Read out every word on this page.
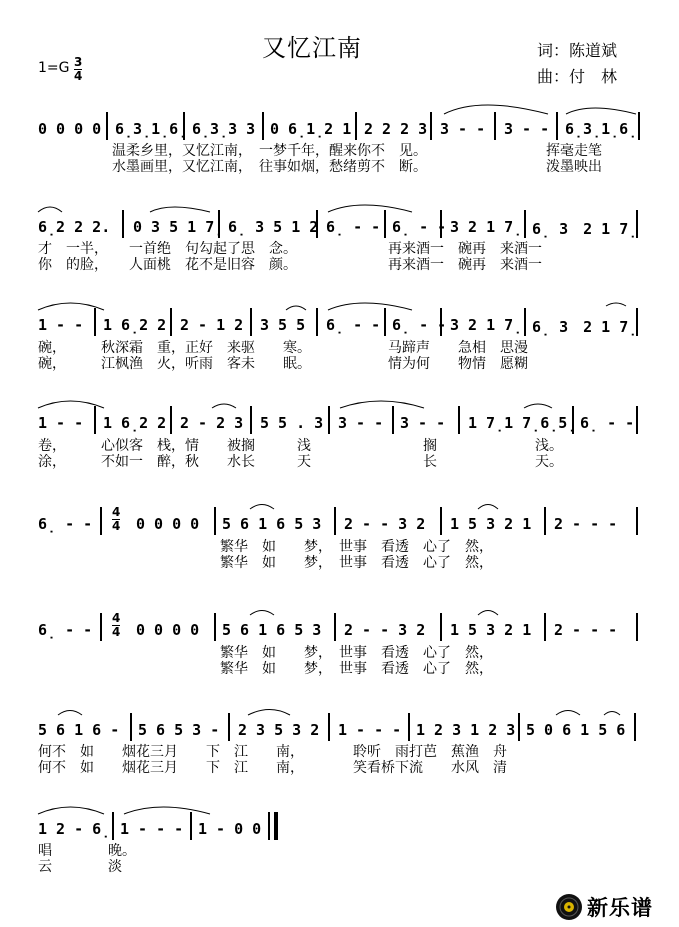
又忆江南
1=G 3
4
词：陈道斌
曲：付　林
0 0 0 0 6̣3̣1̣6̣ 6̣3̣3 3 0 6̣1̣2 1 2 2 2 3 3 - - 3 - - 6̣3̣1̣6̣
温柔乡里，又忆江南，　一梦千年，醒来你不　见。　　　　　　　　　挥毫走笔
水墨画里，又忆江南，　往事如烟，愁绪剪不　断。　　　　　　　　　泼墨映出
6̣2 2 2. 0 3 5 1 7̣ 6̣ 3 5 1 2 6̣ - - 6̣ - - 3 2 1 7̣ 6̣ 3　2 1 7̣
才　一半，　　一首绝　句勾起了思　念。　　　　　　　再来酒一　碗再　来酒一
你　的脸，　　人面桃　花不是旧容　颜。　　　　　　　再来酒一　碗再　来酒一
1 - - 1 6̣2 2 2 - 1 2 3 5 5 6̣ - - 6̣ - - 3 2 1 7̣ 6̣ 3　2 1 7̣
碗，　　　秋深霜　重，正好　来驱　　寒。　　　　　　马蹄声　　急相　思漫
碗，　　　江枫渔　火，听雨　客未　　眠。　　　　　　情为何　　物情　愿糊
1 - - 1 6̣2 2 2 - 2 3 5 5 . 3 3 - - 3 - - 1 7̣1 7̣6̣5̣ 6̣ - -
卷，　　　心似客　栈，情　　被搁　　　浅　　　　　　　　搁　　　　　　　浅。
涂，　　　不如一　醉，秋　　水长　　　天　　　　　　　　长　　　　　　　天。
6̣ - -	0 0 0 0 5 6 1 6 5 3 2 - - 3 2 1 5 3 2 1 2 - - -
4
4
　　　　　　　　　　　　　繁华　如　　梦，　世事　看透　心了　然，
　　　　　　　　　　　　　繁华　如　　梦，　世事　看透　心了　然，
6̣ - -	0 0 0 0 5 6 1 6 5 3 2 - - 3 2 1 5 3 2 1 2 - - -
4
4
　　　　　　　　　　　　　繁华　如　　梦，　世事　看透　心了　然，
　　　　　　　　　　　　　繁华　如　　梦，　世事　看透　心了　然，
5 6 1 6 - 5 6 5 3 - 2 3 5 3 2 1 - - - 1 2 3 1 2 3 5 0 6 1 5 6
何不　如　　烟花三月　　下　江　　南，　　　　聆听　雨打芭　蕉渔　舟
何不　如　　烟花三月　　下　江　　南，　　　　笑看桥下流　　水风　清
1 2 - 6̣ 1 - - - 1 - 0 0
唱　　　　晚。
云　　　　淡
新乐谱
